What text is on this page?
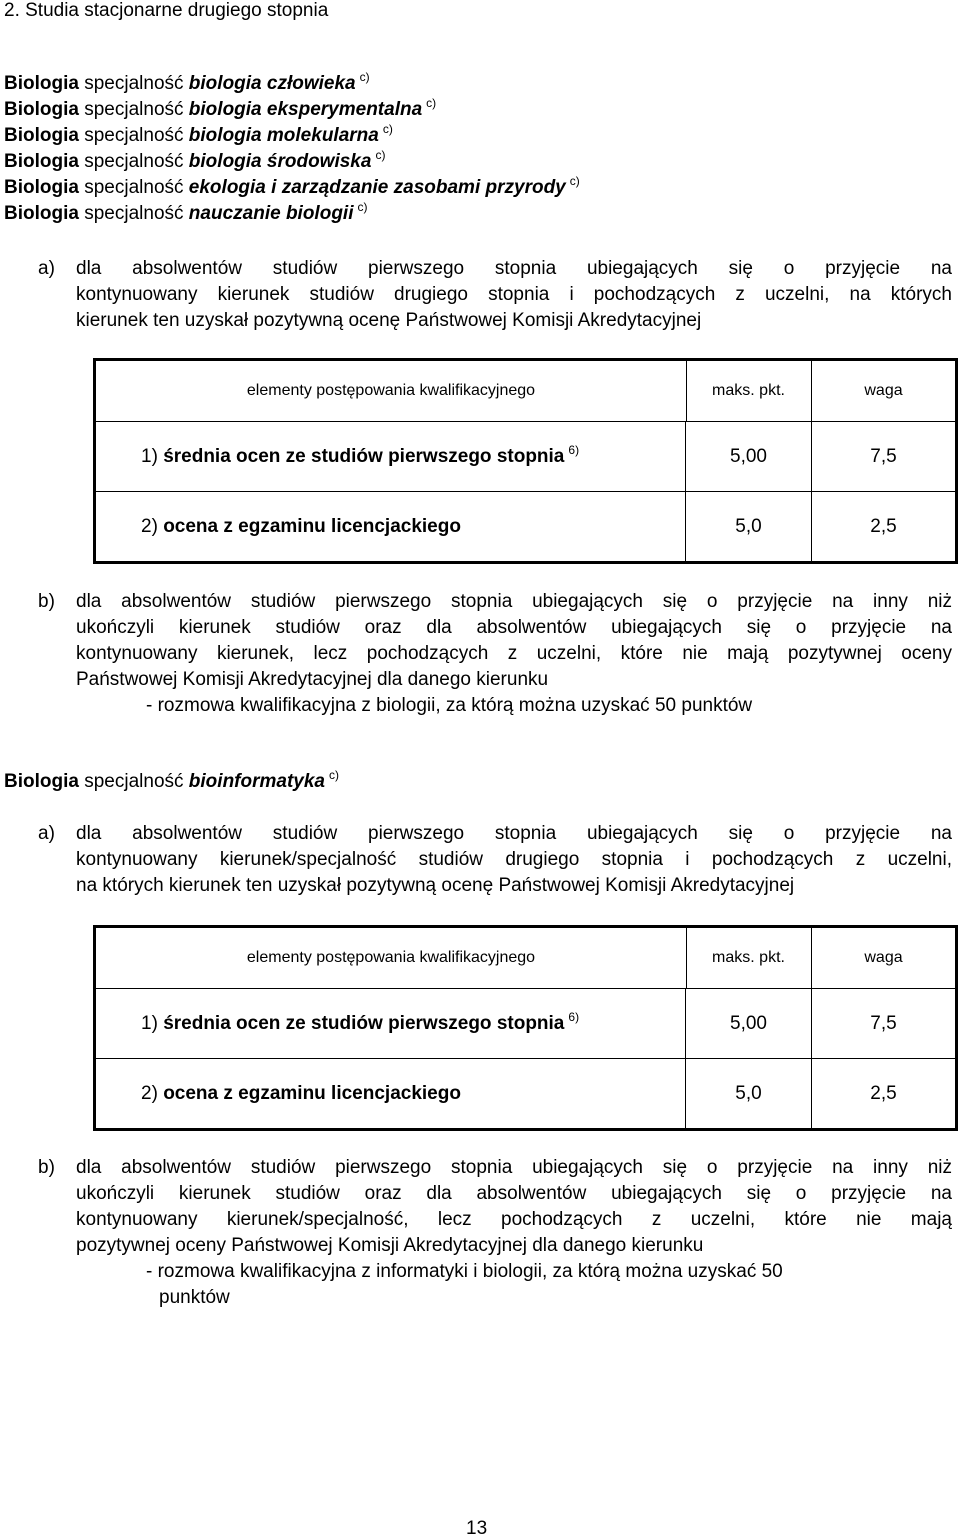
2. Studia stacjonarne drugiego stopnia
Biologia specjalność biologia człowieka $^{c)}$
Biologia specjalność biologia eksperymentalna $^{c)}$
Biologia specjalność biologia molekularna $^{c)}$
Biologia specjalność biologia środowiska $^{c)}$
Biologia specjalność ekologia i zarządzanie zasobami przyrody $^{c)}$
Biologia specjalność nauczanie biologii $^{c)}$
a) dla absolwentów studiów pierwszego stopnia ubiegających się o przyjęcie na
kontynuowany kierunek studiów drugiego stopnia i pochodzących z uczelni, na których
kierunek ten uzyskał pozytywną ocenę Państwowej Komisji Akredytacyjnej
elementy postępowania kwalifikacyjnego	maks. pkt.	waga
1)
średnia ocen ze studiów pierwszego stopnia $^{6)}$	5,00	7,5
2)
ocena z egzaminu licencjackiego	5,0	2,5
b) dla absolwentów studiów pierwszego stopnia ubiegających się o przyjęcie na inny niż
ukończyli kierunek studiów oraz dla absolwentów ubiegających się o przyjęcie na
kontynuowany kierunek, lecz pochodzących z uczelni, które nie mają pozytywnej oceny
Państwowej Komisji Akredytacyjnej dla danego kierunku
- rozmowa kwalifikacyjna z biologii, za którą można uzyskać 50 punktów
Biologia specjalność bioinformatyka $^{c)}$
a) dla absolwentów studiów pierwszego stopnia ubiegających się o przyjęcie na
kontynuowany kierunek/specjalność studiów drugiego stopnia i pochodzących z uczelni,
na których kierunek ten uzyskał pozytywną ocenę Państwowej Komisji Akredytacyjnej
elementy postępowania kwalifikacyjnego	maks. pkt.	waga
1)
średnia ocen ze studiów pierwszego stopnia $^{6)}$	5,00	7,5
2)
ocena z egzaminu licencjackiego	5,0	2,5
b) dla absolwentów studiów pierwszego stopnia ubiegających się o przyjęcie na inny niż
ukończyli kierunek studiów oraz dla absolwentów ubiegających się o przyjęcie na
kontynuowany kierunek/specjalność, lecz pochodzących z uczelni, które nie mają
pozytywnej oceny Państwowej Komisji Akredytacyjnej dla danego kierunku
- rozmowa kwalifikacyjna z informatyki i biologii, za którą można uzyskać 50
punktów
13
